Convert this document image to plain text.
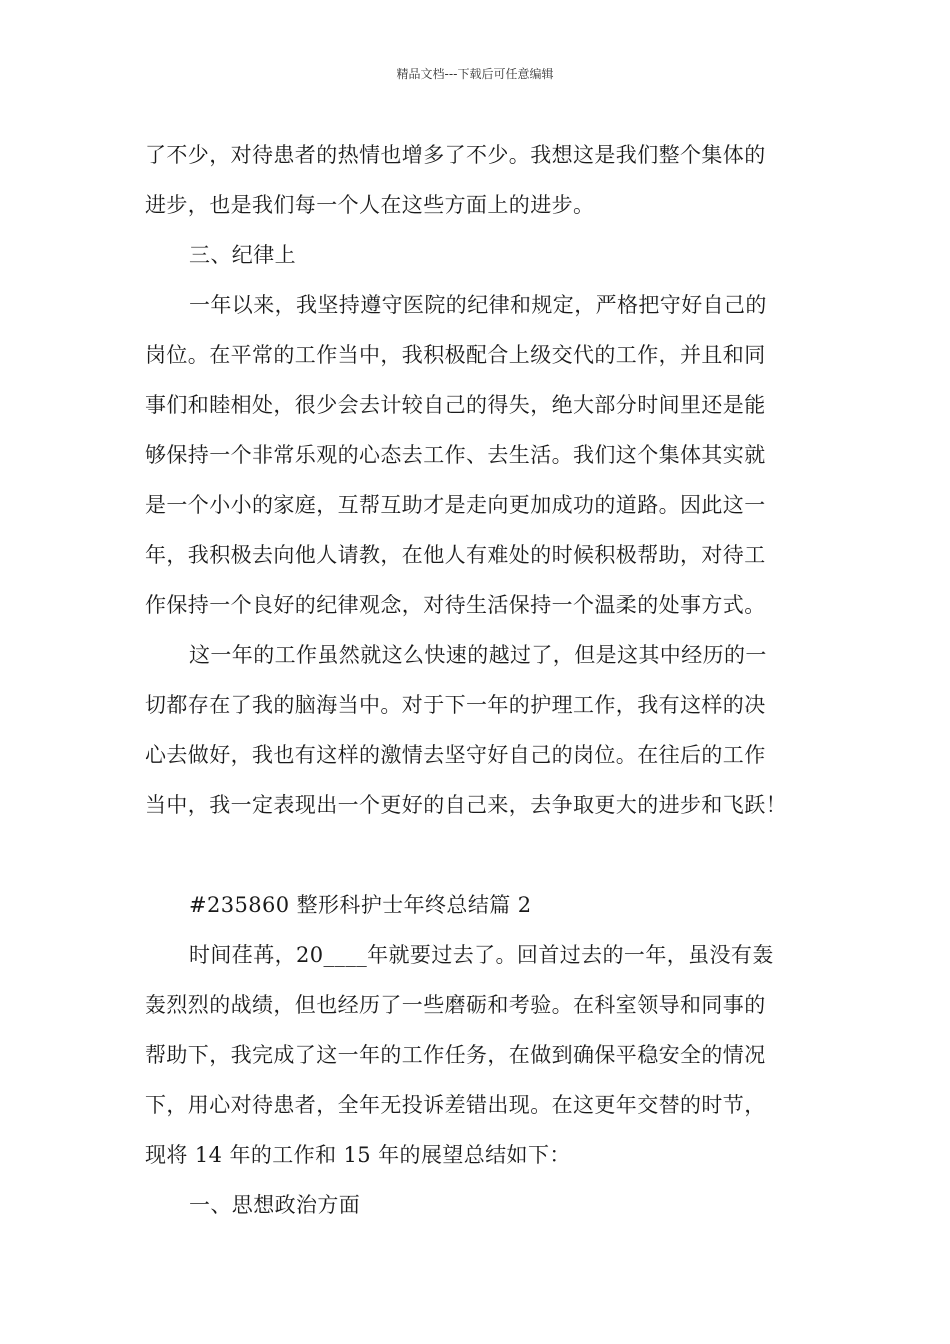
精品文档---下载后可任意编辑
了不少，对待患者的热情也增多了不少。我想这是我们整个集体的
进步，也是我们每一个人在这些方面上的进步。
三、纪律上
一年以来，我坚持遵守医院的纪律和规定，严格把守好自己的
岗位。在平常的工作当中，我积极配合上级交代的工作，并且和同
事们和睦相处，很少会去计较自己的得失，绝大部分时间里还是能
够保持一个非常乐观的心态去工作、去生活。我们这个集体其实就
是一个小小的家庭，互帮互助才是走向更加成功的道路。因此这一
年，我积极去向他人请教，在他人有难处的时候积极帮助，对待工
作保持一个良好的纪律观念，对待生活保持一个温柔的处事方式。
这一年的工作虽然就这么快速的越过了，但是这其中经历的一
切都存在了我的脑海当中。对于下一年的护理工作，我有这样的决
心去做好，我也有这样的激情去坚守好自己的岗位。在往后的工作
当中，我一定表现出一个更好的自己来，去争取更大的进步和飞跃！
#235860 整形科护士年终总结篇 2
时间荏苒，20____年就要过去了。回首过去的一年，虽没有轰
轰烈烈的战绩，但也经历了一些磨砺和考验。在科室领导和同事的
帮助下，我完成了这一年的工作任务，在做到确保平稳安全的情况
下，用心对待患者，全年无投诉差错出现。在这更年交替的时节，
现将 14 年的工作和 15 年的展望总结如下：
一、思想政治方面
